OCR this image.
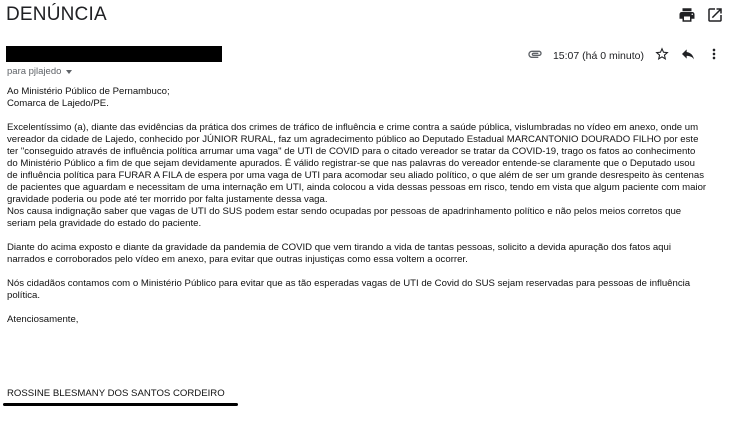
DENÚNCIA
para pjlajedo
15:07 (há 0 minuto)

Ao Ministério Público de Pernambuco;

Comarca de Lajedo/PE.

Excelentíssimo (a), diante das evidências da prática dos crimes de tráfico de influência e crime contra a saúde pública, vislumbradas no vídeo em anexo, onde um

vereador da cidade de Lajedo, conhecido por JÚNIOR RURAL, faz um agradecimento público ao Deputado Estadual MARCANTONIO DOURADO FILHO por este

ter "conseguido através de influência política arrumar uma vaga" de UTI de COVID para o citado vereador se tratar da COVID-19, trago os fatos ao conhecimento

do Ministério Público a fim de que sejam devidamente apurados. É válido registrar-se que nas palavras do vereador entende-se claramente que o Deputado usou

de influência política para FURAR A FILA de espera por uma vaga de UTI para acomodar seu aliado político, o que além de ser um grande desrespeito às centenas

de pacientes que aguardam e necessitam de uma internação em UTI, ainda colocou a vida dessas pessoas em risco, tendo em vista que algum paciente com maior

gravidade poderia ou pode até ter morrido por falta justamente dessa vaga.

Nos causa indignação saber que vagas de UTI do SUS podem estar sendo ocupadas por pessoas de apadrinhamento político e não pelos meios corretos que

seriam pela gravidade do estado do paciente.

Diante do acima exposto e diante da gravidade da pandemia de COVID que vem tirando a vida de tantas pessoas, solicito a devida apuração dos fatos aqui

narrados e corroborados pelo vídeo em anexo, para evitar que outras injustiças como essa voltem a ocorrer.

Nós cidadãos contamos com o Ministério Público para evitar que as tão esperadas vagas de UTI de Covid do SUS sejam reservadas para pessoas de influência

política.

Atenciosamente,

ROSSINE BLESMANY DOS SANTOS CORDEIRO
